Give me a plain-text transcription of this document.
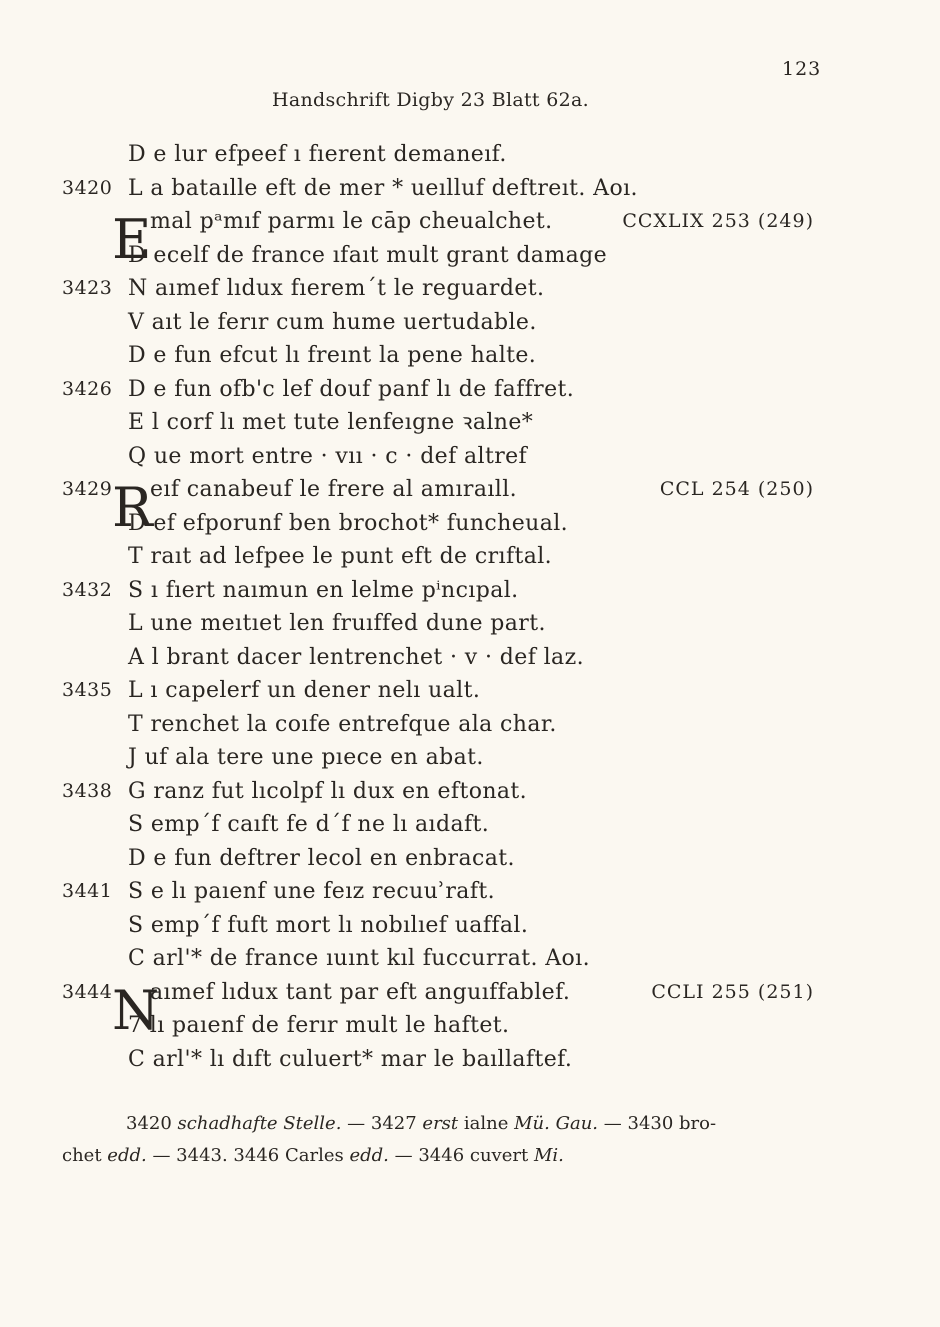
123
Handschrift Digby 23 Blatt 62a.
D e lur efpeef ı fıerent demaneıf.
3420 L a bataılle eft de mer * ueılluf deftreıt. Aoı.
E
mal pᵃmıf parmı le cāp cheualchet.	CCXLIX 253 (249)
D ecelf de france ıfaıt mult grant damage
3423 N aımef lıdux fıeremˊt le reguardet.
V aıt le ferır cum hume uertudable.
D e fun efcut lı freınt la pene halte.
3426 D e fun ofb'c lef douf panf lı de faffret.
E l corf lı met tute lenfeıgne ꝛalne*
Q ue mort entre · vıı · c · def altref
3429 R
eıf canabeuf le frere al amıraıll.	CCL 254 (250)
D ef efporunf ben brochot* funcheual.
T raıt ad lefpee le punt eft de crıftal.
3432 S ı fıert naımun en lelme pⁱncıpal.
L une meıtıet len fruıffed dune part.
A l brant dacer lentrenchet · v · def laz.
3435 L ı capelerf un dener nelı ualt.
T renchet la coıfe entrefque ala char.
J uf ala tere une pıece en abat.
3438 G ranz fut lıcolpf lı dux en eftonat.
S empˊf caıft fe dˊf ne lı aıdaft.
D e fun deftrer lecol en enbracat.
3441 S e lı paıenf une feız recuuʾraft.
S empˊf fuft mort lı nobılıef uaffal.
C arl'* de france ıuınt kıl fuccurrat. Aoı.
3444 N
aımef lıdux tant par eft anguıffablef.	CCLI 255 (251)
7 lı paıenf de ferır mult le haftet.
C arl'* lı dıft culuert* mar le baıllaftef.
3420 schadhafte Stelle. — 3427 erst ialne Mü. Gau. — 3430 bro-
chet edd. — 3443. 3446 Carles edd. — 3446 cuvert Mi.
